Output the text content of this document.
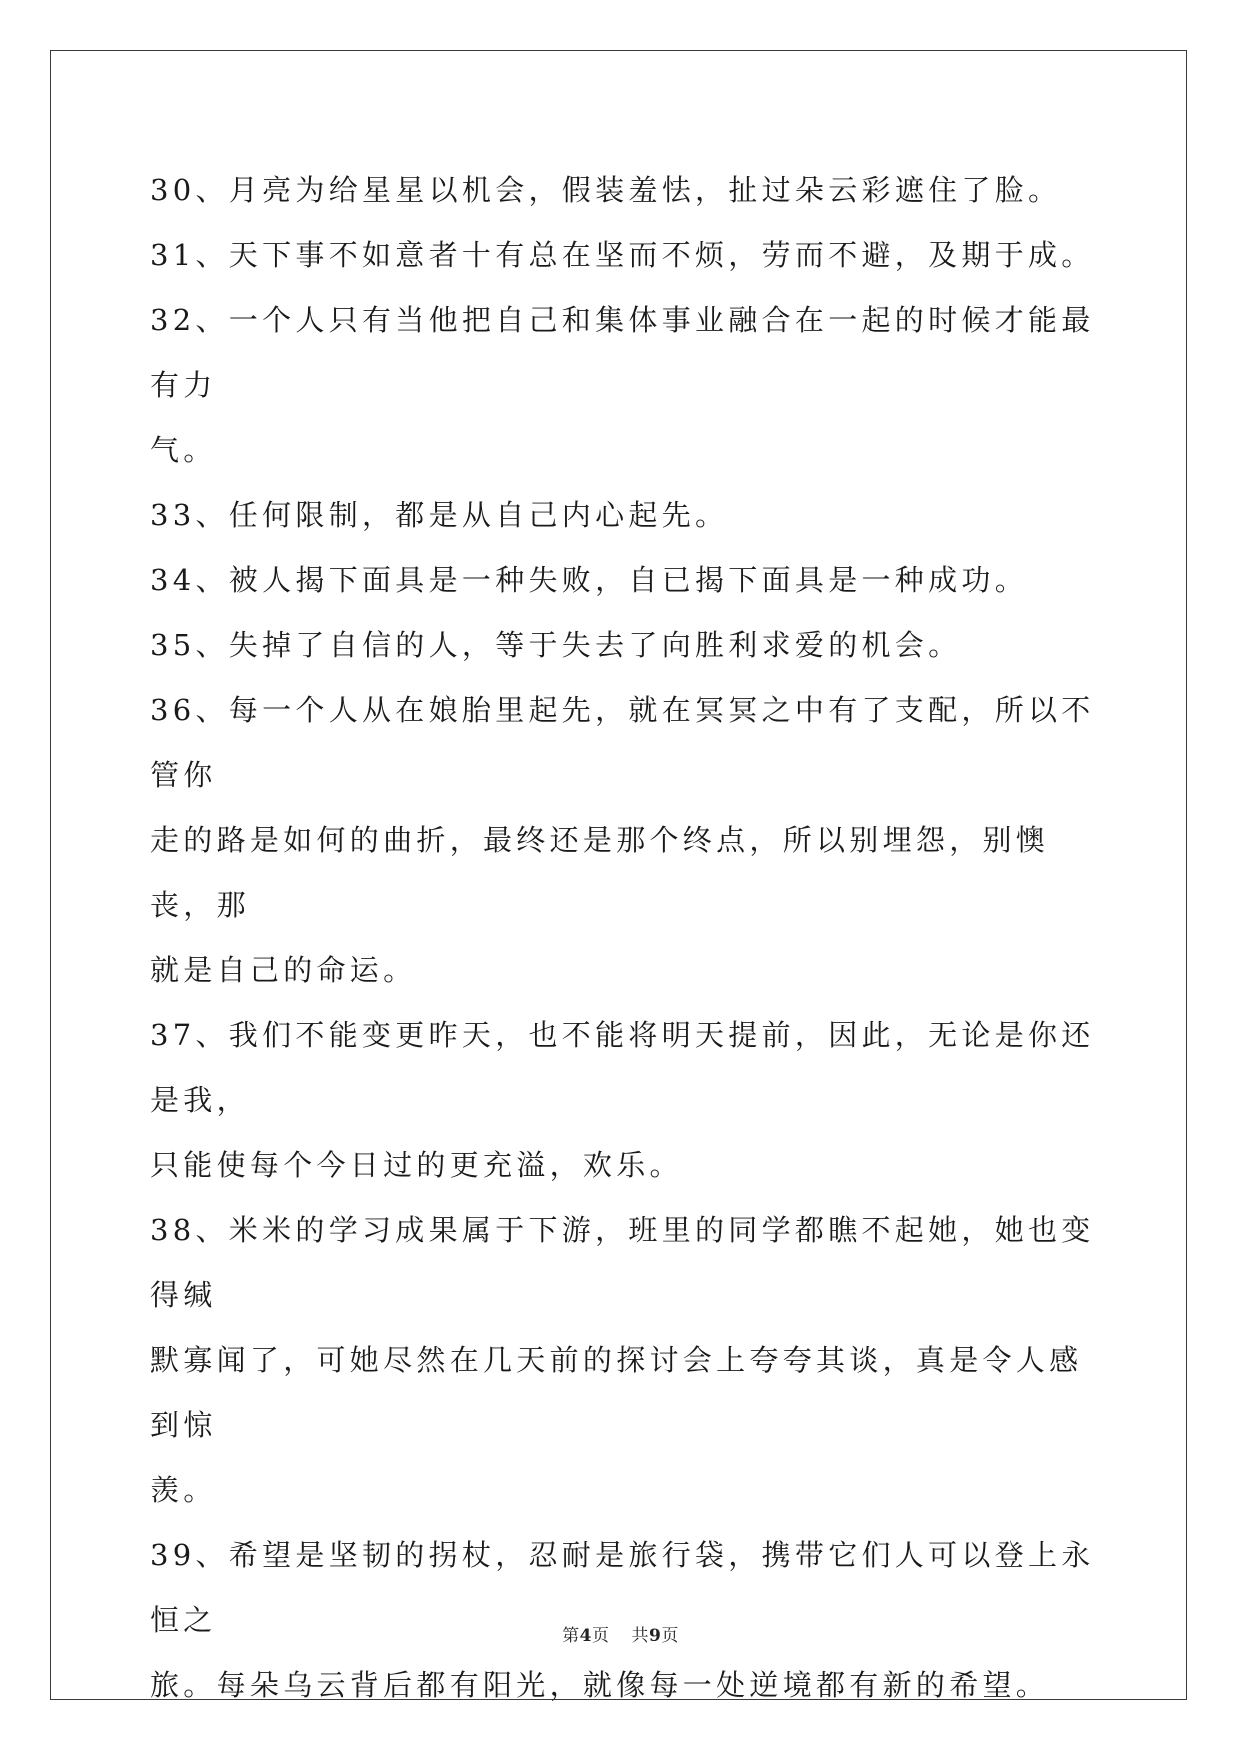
30、月亮为给星星以机会，假装羞怯，扯过朵云彩遮住了脸。

31、天下事不如意者十有总在坚而不烦，劳而不避，及期于成。

32、一个人只有当他把自己和集体事业融合在一起的时候才能最有力
气。

33、任何限制，都是从自己内心起先。

34、被人揭下面具是一种失败，自已揭下面具是一种成功。

35、失掉了自信的人，等于失去了向胜利求爱的机会。

36、每一个人从在娘胎里起先，就在冥冥之中有了支配，所以不管你
走的路是如何的曲折，最终还是那个终点，所以别埋怨，别懊丧，那
就是自己的命运。

37、我们不能变更昨天，也不能将明天提前，因此，无论是你还是我，
只能使每个今日过的更充溢，欢乐。

38、米米的学习成果属于下游，班里的同学都瞧不起她，她也变得缄
默寡闻了，可她尽然在几天前的探讨会上夸夸其谈，真是令人感到惊
羡。

39、希望是坚韧的拐杖，忍耐是旅行袋，携带它们人可以登上永恒之
旅。每朵乌云背后都有阳光，就像每一处逆境都有新的希望。

第4页 共9页
